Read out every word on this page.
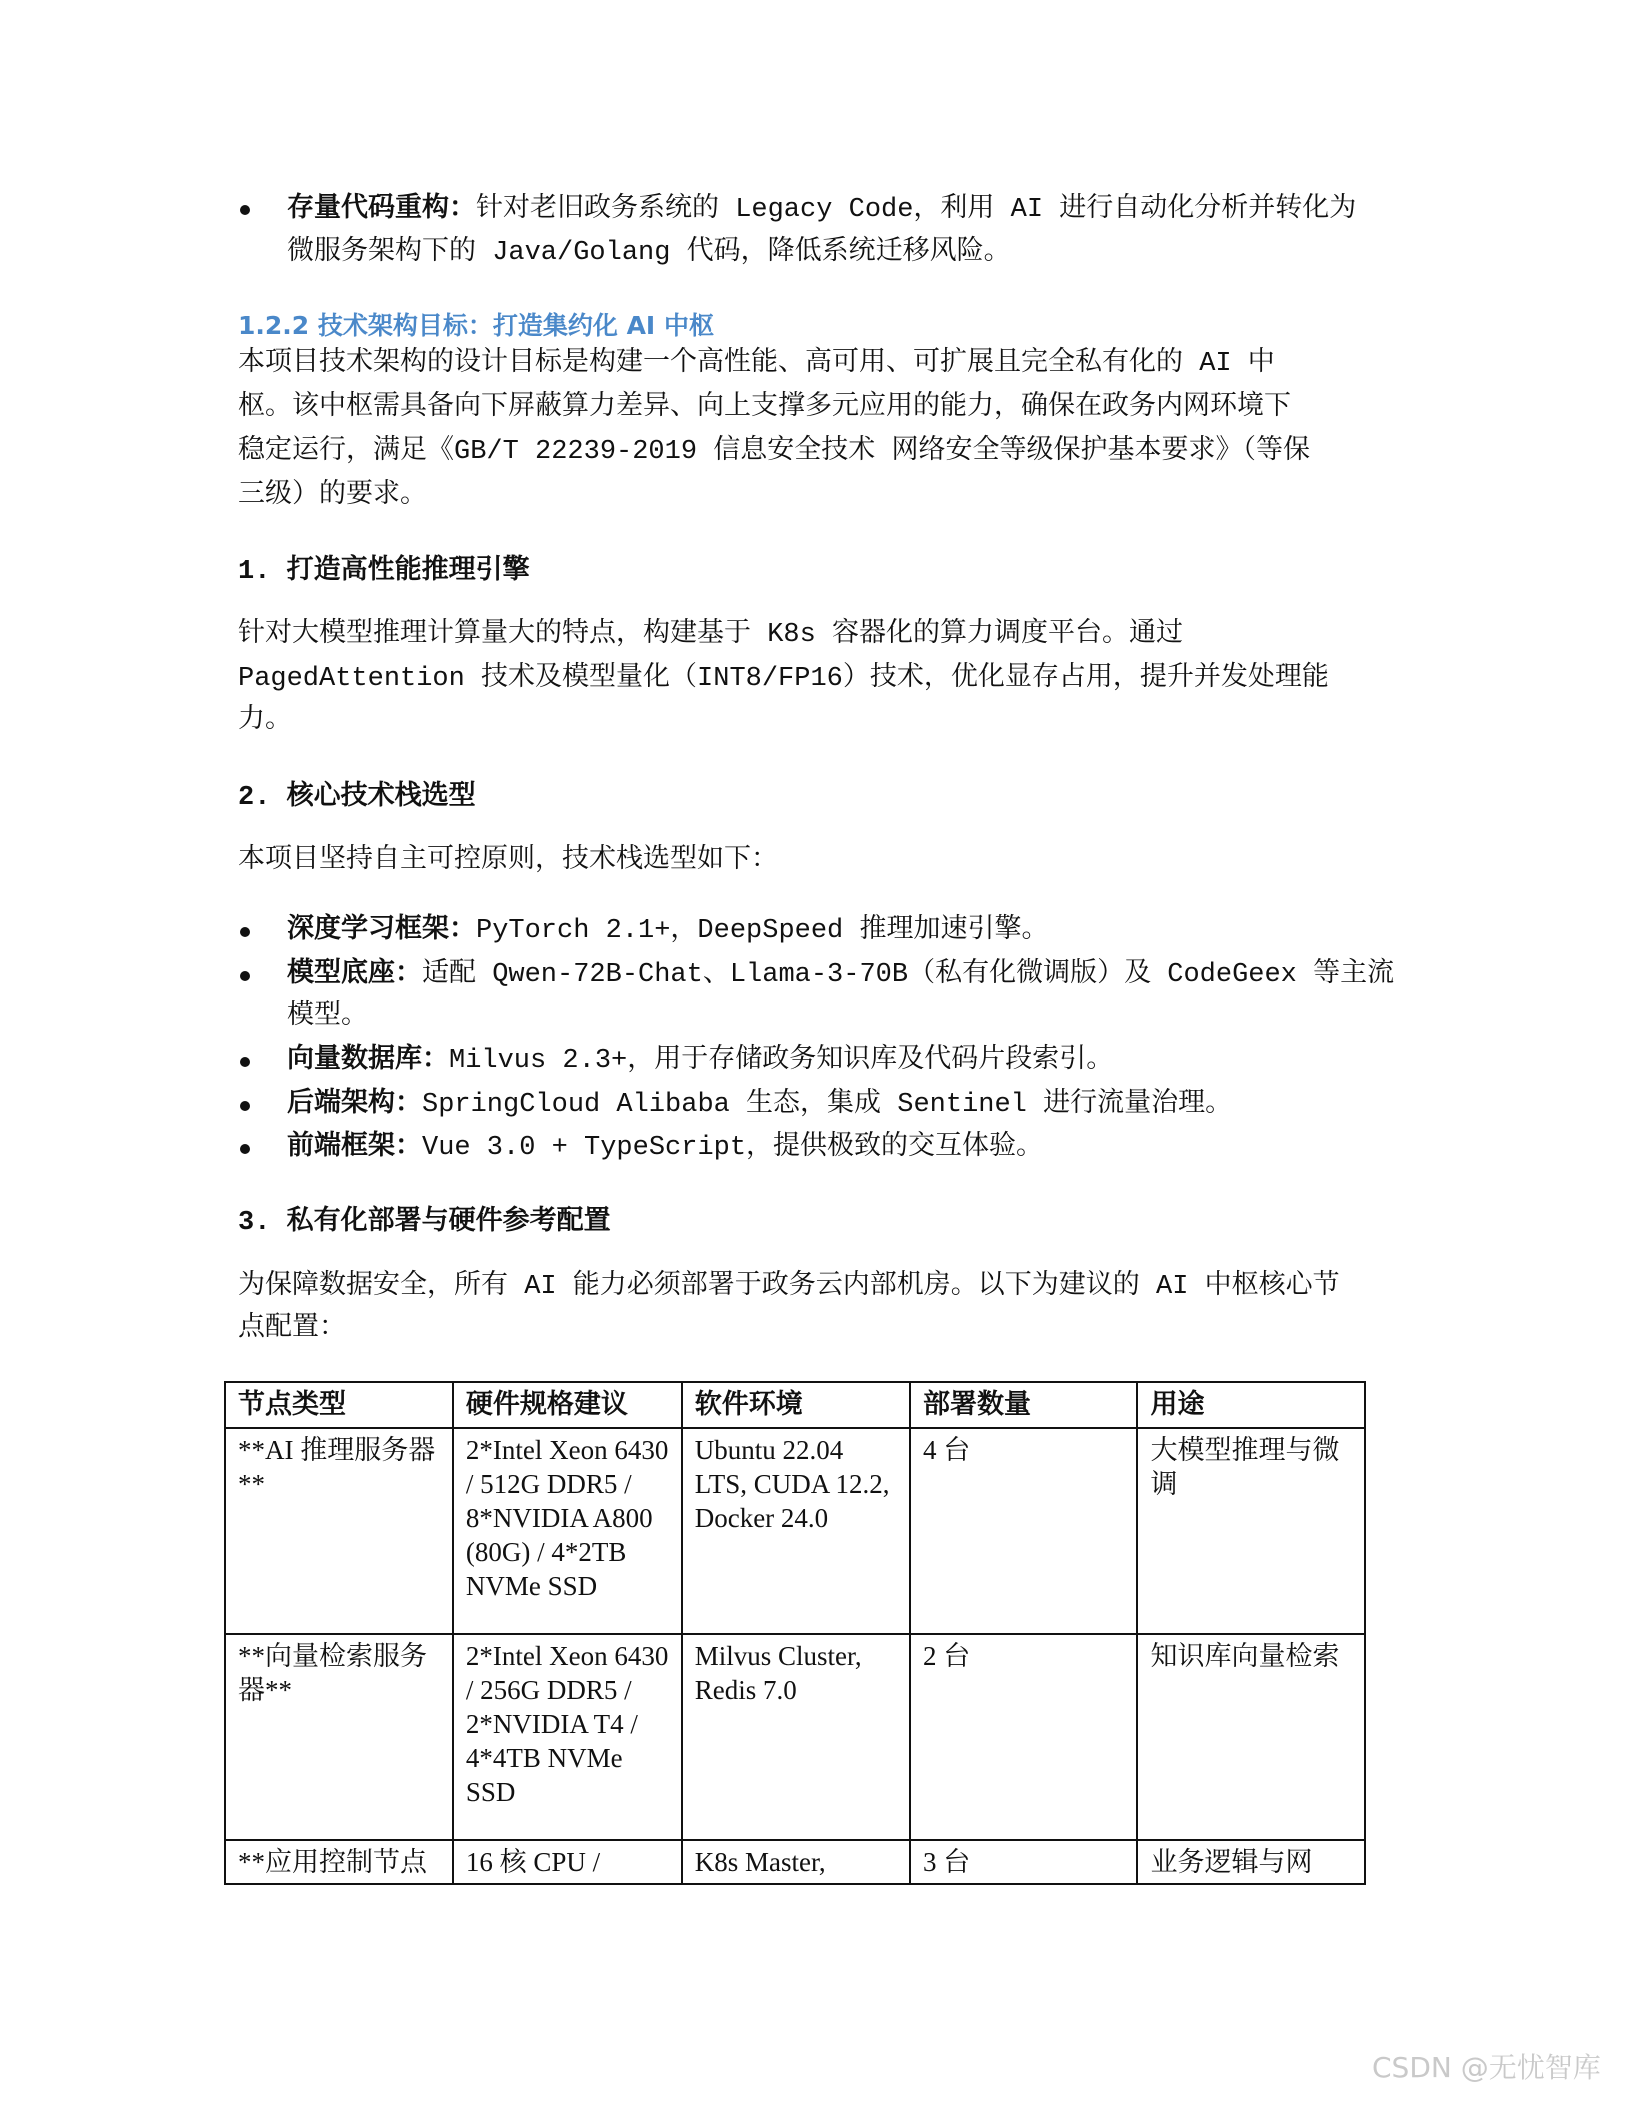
存量代码重构：针对老旧政务系统的 Legacy Code，利用 AI 进行自动化分析并转化为
微服务架构下的 Java/Golang 代码，降低系统迁移风险。
1.2.2 技术架构目标：打造集约化 AI 中枢
本项目技术架构的设计目标是构建一个高性能、高可用、可扩展且完全私有化的 AI 中
枢。该中枢需具备向下屏蔽算力差异、向上支撑多元应用的能力，确保在政务内网环境下
稳定运行，满足《GB/T 22239-2019 信息安全技术 网络安全等级保护基本要求》（等保
三级）的要求。
1. 打造高性能推理引擎
针对大模型推理计算量大的特点，构建基于 K8s 容器化的算力调度平台。通过
PagedAttention 技术及模型量化（INT8/FP16）技术，优化显存占用，提升并发处理能
力。
2. 核心技术栈选型
本项目坚持自主可控原则，技术栈选型如下：
深度学习框架：PyTorch 2.1+，DeepSpeed 推理加速引擎。
模型底座：适配 Qwen-72B-Chat、Llama-3-70B（私有化微调版）及 CodeGeex 等主流
模型。
向量数据库：Milvus 2.3+，用于存储政务知识库及代码片段索引。
后端架构：SpringCloud Alibaba 生态，集成 Sentinel 进行流量治理。
前端框架：Vue 3.0 + TypeScript，提供极致的交互体验。
3. 私有化部署与硬件参考配置
为保障数据安全，所有 AI 能力必须部署于政务云内部机房。以下为建议的 AI 中枢核心节
点配置：
节点类型	硬件规格建议	软件环境	部署数量	用途
**AI 推理服务器**	2*Intel Xeon 6430 / 512G DDR5 / 8*NVIDIA A800 (80G) / 4*2TB NVMe SSD	Ubuntu 22.04 LTS, CUDA 12.2, Docker 24.0	4 台	大模型推理与微调
**向量检索服务器**	2*Intel Xeon 6430 / 256G DDR5 / 2*NVIDIA T4 / 4*4TB NVMe SSD	Milvus Cluster, Redis 7.0	2 台	知识库向量检索
**应用控制节点	16 核 CPU /	K8s Master,	3 台	业务逻辑与网
CSDN @无忧智库
